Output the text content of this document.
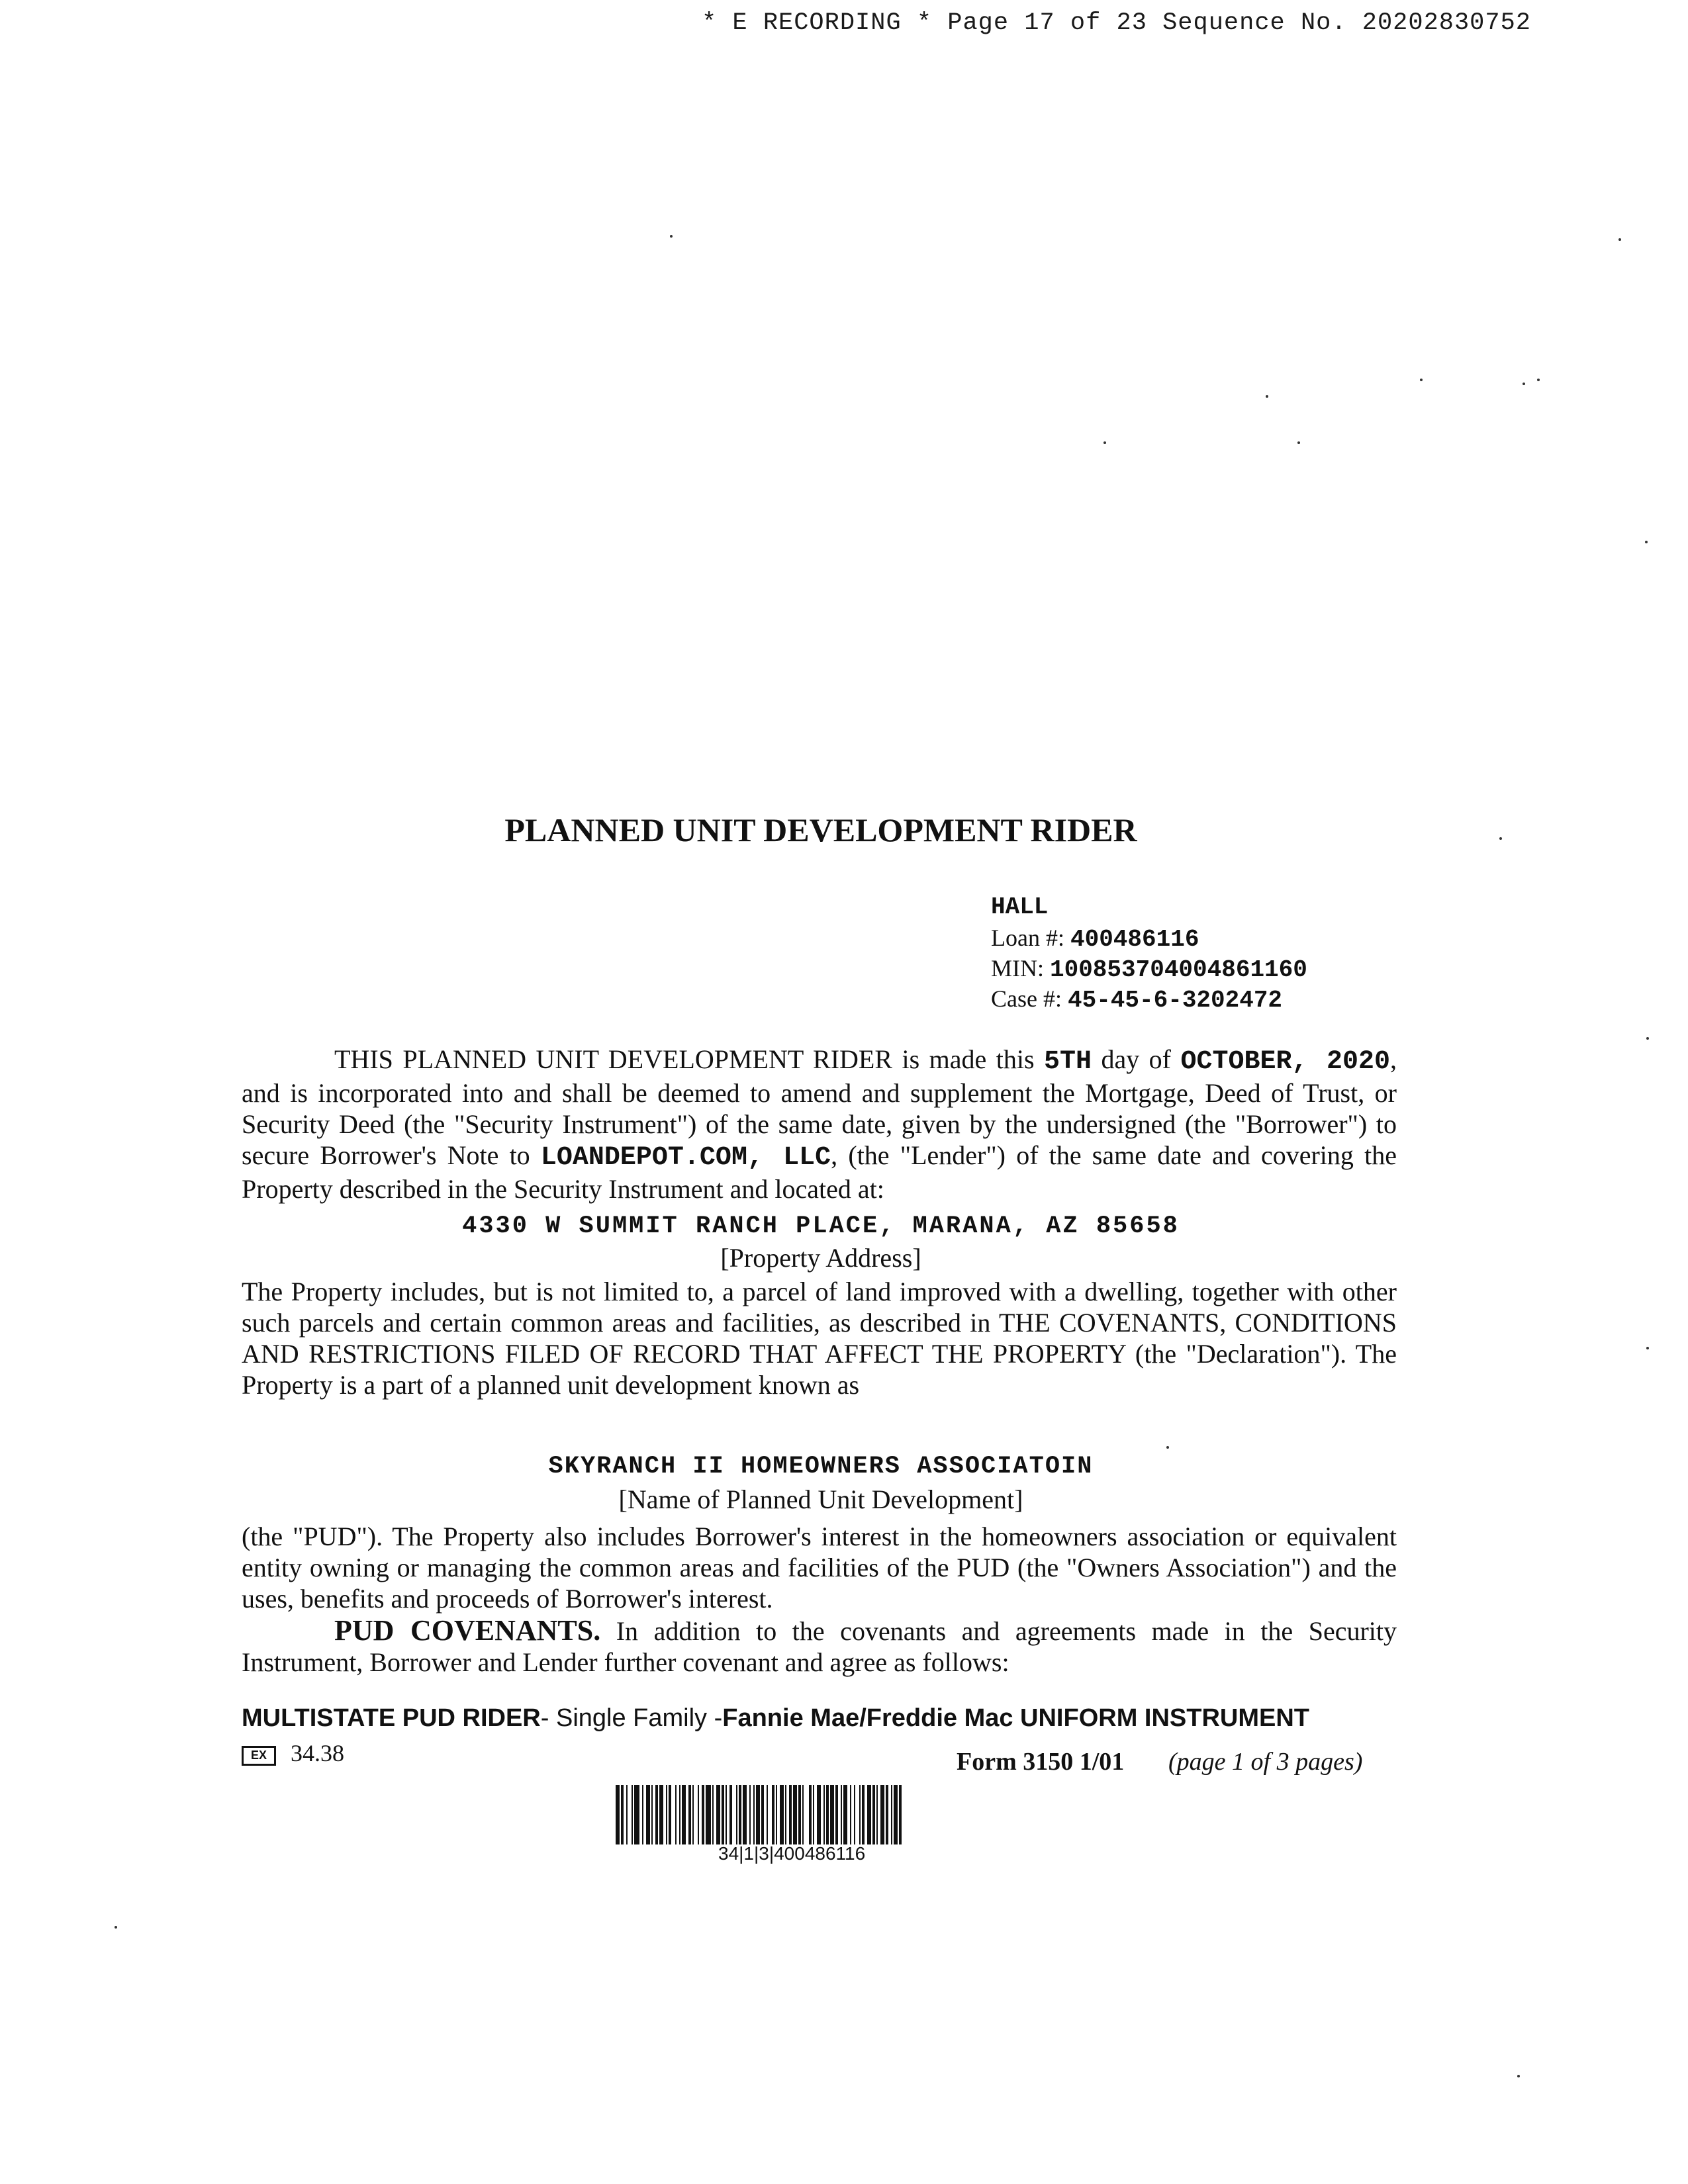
* E RECORDING * Page 17 of 23 Sequence No. 20202830752
PLANNED UNIT DEVELOPMENT RIDER
HALL
Loan #: 400486116
MIN: 100853704004861160
Case #: 45-45-6-3202472
THIS PLANNED UNIT DEVELOPMENT RIDER is made this 5TH day of OCTOBER, 2020, and is incorporated into and shall be deemed to amend and supplement the Mortgage, Deed of Trust, or Security Deed (the "Security Instrument") of the same date, given by the undersigned (the "Borrower") to secure Borrower's Note to LOANDEPOT.COM, LLC, (the "Lender") of the same date and covering the Property described in the Security Instrument and located at:
4330 W SUMMIT RANCH PLACE, MARANA, AZ 85658
[Property Address]
The Property includes, but is not limited to, a parcel of land improved with a dwelling, together with other such parcels and certain common areas and facilities, as described in THE COVENANTS, CONDITIONS AND RESTRICTIONS FILED OF RECORD THAT AFFECT THE PROPERTY (the "Declaration"). The Property is a part of a planned unit development known as
SKYRANCH II HOMEOWNERS ASSOCIATOIN
[Name of Planned Unit Development]
(the "PUD"). The Property also includes Borrower's interest in the homeowners association or equivalent entity owning or managing the common areas and facilities of the PUD (the "Owners Association") and the uses, benefits and proceeds of Borrower's interest.
PUD COVENANTS. In addition to the covenants and agreements made in the Security Instrument, Borrower and Lender further covenant and agree as follows:
MULTISTATE PUD RIDER- Single Family -Fannie Mae/Freddie Mac UNIFORM INSTRUMENT
EX 34.38	Form 3150 1/01 (page 1 of 3 pages)
34|1|3|400486116
